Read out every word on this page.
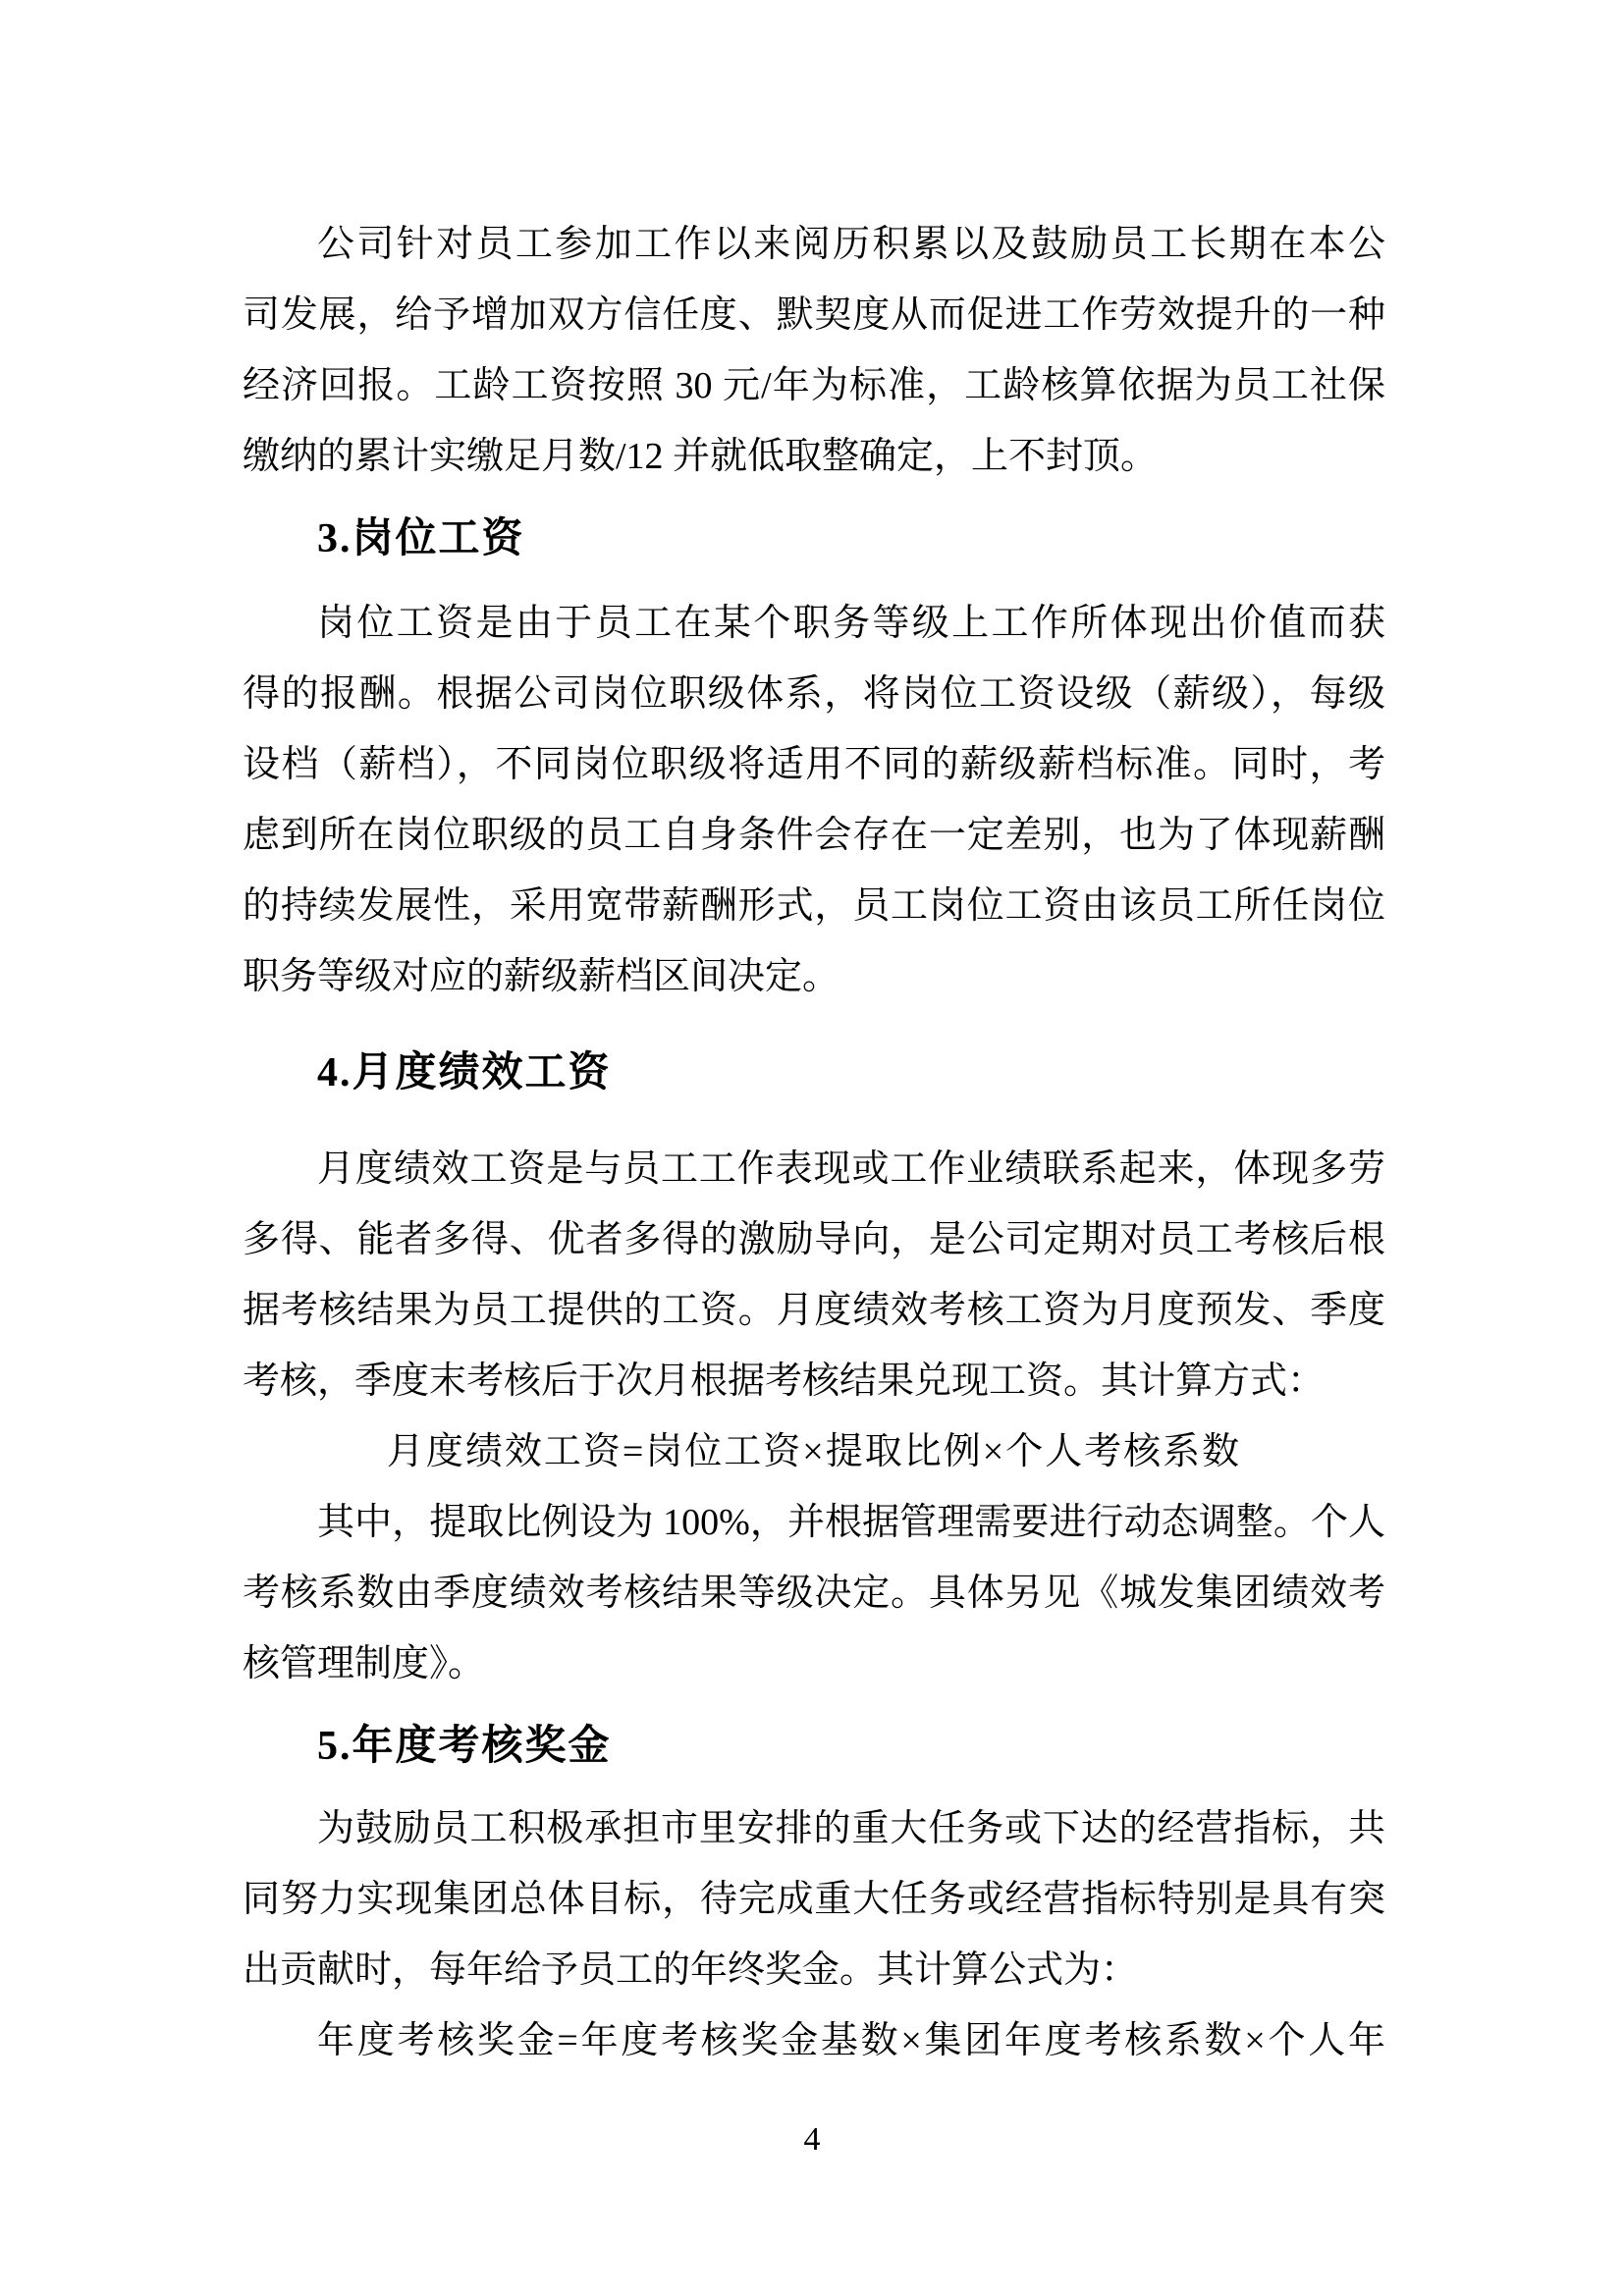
公司针对员工参加工作以来阅历积累以及鼓励员工长期在本公
司发展，给予增加双方信任度、默契度从而促进工作劳效提升的一种
经济回报。工龄工资按照 30 元/年为标准，工龄核算依据为员工社保
缴纳的累计实缴足月数/12 并就低取整确定，上不封顶。
3.岗位工资
岗位工资是由于员工在某个职务等级上工作所体现出价值而获
得的报酬。根据公司岗位职级体系，将岗位工资设级（薪级），每级
设档（薪档），不同岗位职级将适用不同的薪级薪档标准。同时，考
虑到所在岗位职级的员工自身条件会存在一定差别，也为了体现薪酬
的持续发展性，采用宽带薪酬形式，员工岗位工资由该员工所任岗位
职务等级对应的薪级薪档区间决定。
4.月度绩效工资
月度绩效工资是与员工工作表现或工作业绩联系起来，体现多劳
多得、能者多得、优者多得的激励导向，是公司定期对员工考核后根
据考核结果为员工提供的工资。月度绩效考核工资为月度预发、季度
考核，季度末考核后于次月根据考核结果兑现工资。其计算方式：
月度绩效工资=岗位工资×提取比例×个人考核系数
其中，提取比例设为 100%，并根据管理需要进行动态调整。个人
考核系数由季度绩效考核结果等级决定。具体另见《城发集团绩效考
核管理制度》。
5.年度考核奖金
为鼓励员工积极承担市里安排的重大任务或下达的经营指标，共
同努力实现集团总体目标，待完成重大任务或经营指标特别是具有突
出贡献时，每年给予员工的年终奖金。其计算公式为：
年度考核奖金=年度考核奖金基数×集团年度考核系数×个人年
4
